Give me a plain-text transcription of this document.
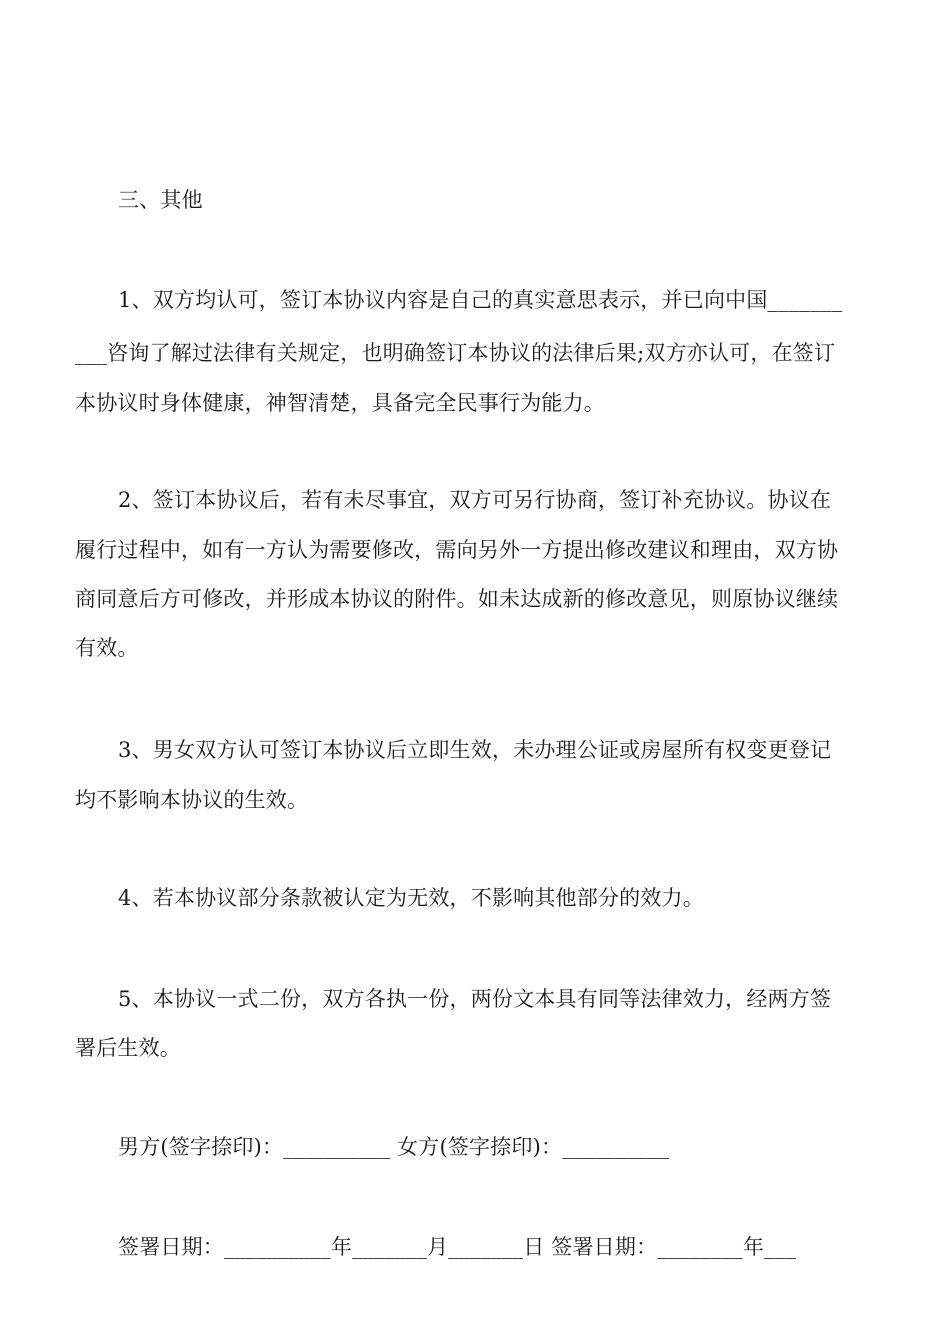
三、其他
1、双方均认可，签订本协议内容是自己的真实意思表示，并已向中国_______
___咨询了解过法律有关规定，也明确签订本协议的法律后果;双方亦认可，在签订
本协议时身体健康，神智清楚，具备完全民事行为能力。
2、签订本协议后，若有未尽事宜，双方可另行协商，签订补充协议。协议在
履行过程中，如有一方认为需要修改，需向另外一方提出修改建议和理由，双方协
商同意后方可修改，并形成本协议的附件。如未达成新的修改意见，则原协议继续
有效。
3、男女双方认可签订本协议后立即生效，未办理公证或房屋所有权变更登记
均不影响本协议的生效。
4、若本协议部分条款被认定为无效，不影响其他部分的效力。
5、本协议一式二份，双方各执一份，两份文本具有同等法律效力，经两方签
署后生效。
男方(签字捺印)：__________ 女方(签字捺印)：__________
签署日期：__________年_______月_______日 签署日期：________年___
